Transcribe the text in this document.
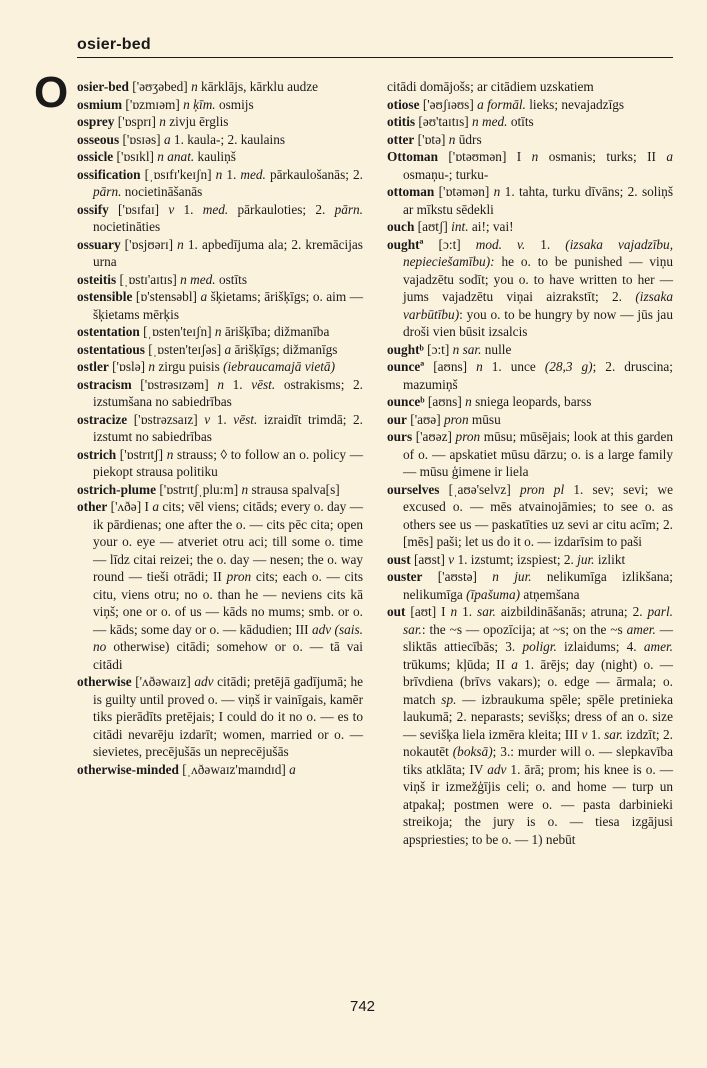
osier-bed
O osier-bed ['əʊʒəbed] n kārklājs, kārklu audze

osmium ['ɒzmɪəm] n ķīm. osmijs

osprey ['ɒsprɪ] n zivju ērglis

osseous ['ɒsɪəs] a 1. kaula-; 2. kaulains

ossicle ['ɒsɪkl] n anat. kauliņš

ossification [ˌɒsɪfɪ'keɪʃn] n 1. med. pārkaulošanās; 2. pārn. nocietināšanās

ossify ['ɒsɪfaɪ] v 1. med. pārkauloties; 2. pārn. nocietināties

ossuary ['ɒsjʊərɪ] n 1. apbedījuma ala; 2. kremācijas urna

osteitis [ˌɒstɪ'aɪtɪs] n med. ostīts

ostensible [ɒ'stensəbl] a šķietams; ārišķīgs; o. aim — šķietams mērķis

ostentation [ˌɒsten'teɪʃn] n ārišķība; dižmanība

ostentatious [ˌɒsten'teɪʃəs] a ārišķīgs; dižmanīgs

ostler ['ɒslə] n zirgu puisis (iebraucamajā vietā)

ostracism ['ɒstrəsɪzəm] n 1. vēst. ostrakisms; 2. izstumšana no sabiedrības

ostracize ['ɒstrəzsaɪz] v 1. vēst. izraidīt trimdā; 2. izstumt no sabiedrības

ostrich ['ɒstrɪtʃ] n strauss; ◊ to follow an o. policy — piekopt strausa politiku

ostrich-plume ['ɒstrɪtʃˌplu:m] n strausa spalva[s]

other ['ʌðə] I a cits; vēl viens; citāds; every o. day — ik pārdienas; one after the o. — cits pēc cita; open your o. eye — atveriet otru aci; till some o. time — līdz citai reizei; the o. day — nesen; the o. way round — tieši otrādi; II pron cits; each o. — cits citu, viens otru; no o. than he — neviens cits kā viņš; one or o. of us — kāds no mums; smb. or o. — kāds; some day or o. — kādudien; III adv (sais. no otherwise) citādi; somehow or o. — tā vai citādi

otherwise ['ʌðəwaɪz] adv citādi; pretējā gadījumā; he is guilty until proved o. — viņš ir vainīgais, kamēr tiks pierādīts pretējais; I could do it no o. — es to citādi nevarēju izdarīt; women, married or o. — sievietes, precējušās un neprecējušās

otherwise-minded [ˌʌðəwaɪz'maɪndɪd] a

citādi domājošs; ar citādiem uzskatiem

otiose ['əʊʃɪəʊs] a formāl. lieks; nevajadzīgs

otitis [əʊ'taɪtɪs] n med. otīts

otter ['ɒtə] n ūdrs

Ottoman ['ɒtəʊmən] I n osmanis; turks; II a osmaņu-; turku-

ottoman ['ɒtəmən] n 1. tahta, turku dīvāns; 2. soliņš ar mīkstu sēdekli

ouch [aʊtʃ] int. ai!; vai!

oughtª [ɔ:t] mod. v. 1. (izsaka vajadzību, nepieciešamību): he o. to be punished — viņu vajadzētu sodīt; you o. to have written to her — jums vajadzētu viņai aizrakstīt; 2. (izsaka varbūtību): you o. to be hungry by now — jūs jau droši vien būsit izsalcis

oughtᵇ [ɔ:t] n sar. nulle

ounceª [aʊns] n 1. unce (28,3 g); 2. druscina; mazumiņš

ounceᵇ [aʊns] n sniega leopards, barss

our ['aʊə] pron mūsu

ours ['aʊəz] pron mūsu; mūsējais; look at this garden of o. — apskatiet mūsu dārzu; o. is a large family — mūsu ģimene ir liela

ourselves [ˌaʊə'selvz] pron pl 1. sev; sevi; we excused o. — mēs atvainojāmies; to see o. as others see us — paskatīties uz sevi ar citu acīm; 2. [mēs] paši; let us do it o. — izdarīsim to paši

oust [aʊst] v 1. izstumt; izspiest; 2. jur. izlikt

ouster ['aʊstə] n jur. nelikumīga izlikšana; nelikumīga (īpašuma) atņemšana

out [aʊt] I n 1. sar. aizbildināšanās; atruna; 2. parl. sar.: the ~s — opozīcija; at ~s; on the ~s amer. — sliktās attiecībās; 3. poligr. izlaidums; 4. amer. trūkums; kļūda; II a 1. ārējs; day (night) o. — brīvdiena (brīvs vakars); o. edge — ārmala; o. match sp. — izbraukuma spēle; spēle pretinieka laukumā; 2. neparasts; sevišķs; dress of an o. size — sevišķa liela izmēra kleita; III v 1. sar. izdzīt; 2. nokautēt (boksā); 3.: murder will o. — slepkavība tiks atklāta; IV adv 1. ārā; prom; his knee is o. — viņš ir izmežģījis celi; o. and home — turp un atpakaļ; postmen were o. — pasta darbinieki streikoja; the jury is o. — tiesa izgājusi apspriesties; to be o. — 1) nebūt

742
